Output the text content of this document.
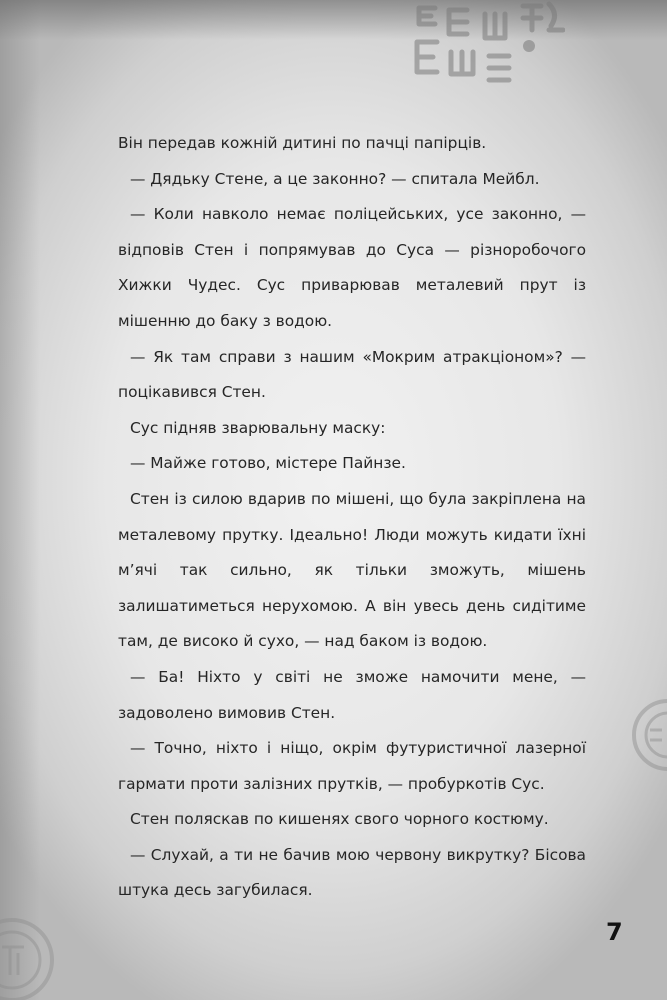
Він передав кожній дитині по пачці папірців.

— Дядьку Стене, а це законно? — спитала Мейбл.

— Коли навколо немає поліцейських, усе законно, — відповів Стен і попрямував до Суса — різноробочого Хижки Чудес. Сус приварював металевий прут із мішенню до баку з водою.

— Як там справи з нашим «Мокрим атракціоном»? — поцікавився Стен.

Сус підняв зварювальну маску:

— Майже готово, містере Пайнзе.

Стен із силою вдарив по мішені, що була закріплена на металевому прутку. Ідеально! Люди можуть кидати їхні м’ячі так сильно, як тільки зможуть, мішень залишатиметься нерухомою. А він увесь день сидітиме там, де високо й сухо, — над баком із водою.

— Ба! Ніхто у світі не зможе намочити мене, — задоволено вимовив Стен.

— Точно, ніхто і ніщо, окрім футуристичної лазерної гармати проти залізних прутків, — пробуркотів Сус.

Стен поляскав по кишенях свого чорного костюму.

— Слухай, а ти не бачив мою червону викрутку? Бісова штука десь загубилася.

7
